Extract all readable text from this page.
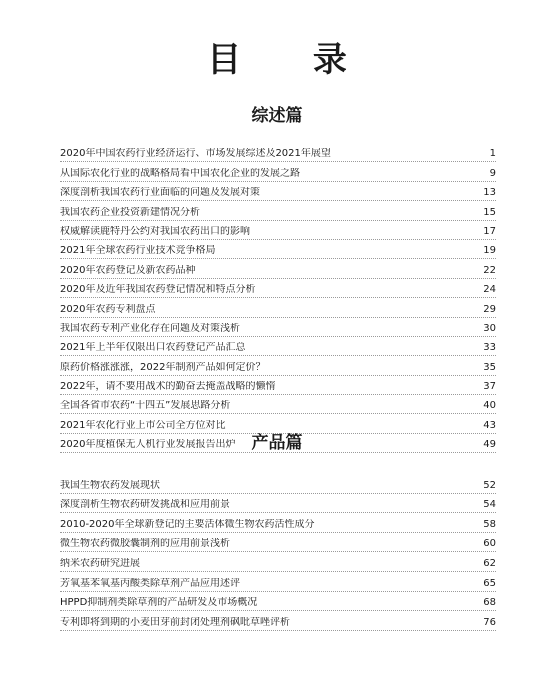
目 录
综述篇
2020年中国农药行业经济运行、市场发展综述及2021年展望	1
从国际农化行业的战略格局看中国农化企业的发展之路	9
深度剖析我国农药行业面临的问题及发展对策	13
我国农药企业投资新建情况分析	15
权威解读鹿特丹公约对我国农药出口的影响	17
2021年全球农药行业技术竞争格局	19
2020年农药登记及新农药品种	22
2020年及近年我国农药登记情况和特点分析	24
2020年农药专利盘点	29
我国农药专利产业化存在问题及对策浅析	30
2021年上半年仅限出口农药登记产品汇总	33
原药价格涨涨涨，2022年制剂产品如何定价？	35
2022年，请不要用战术的勤奋去掩盖战略的懒惰	37
全国各省市农药“十四五”发展思路分析	40
2021年农化行业上市公司全方位对比	43
2020年度植保无人机行业发展报告出炉	49
产品篇
我国生物农药发展现状	52
深度剖析生物农药研发挑战和应用前景	54
2010-2020年全球新登记的主要活体微生物农药活性成分	58
微生物农药微胶囊制剂的应用前景浅析	60
纳米农药研究进展	62
芳氧基苯氧基丙酸类除草剂产品应用述评	65
HPPD抑制剂类除草剂的产品研发及市场概况	68
专利即将到期的小麦田芽前封闭处理剂砜吡草唑评析	76
